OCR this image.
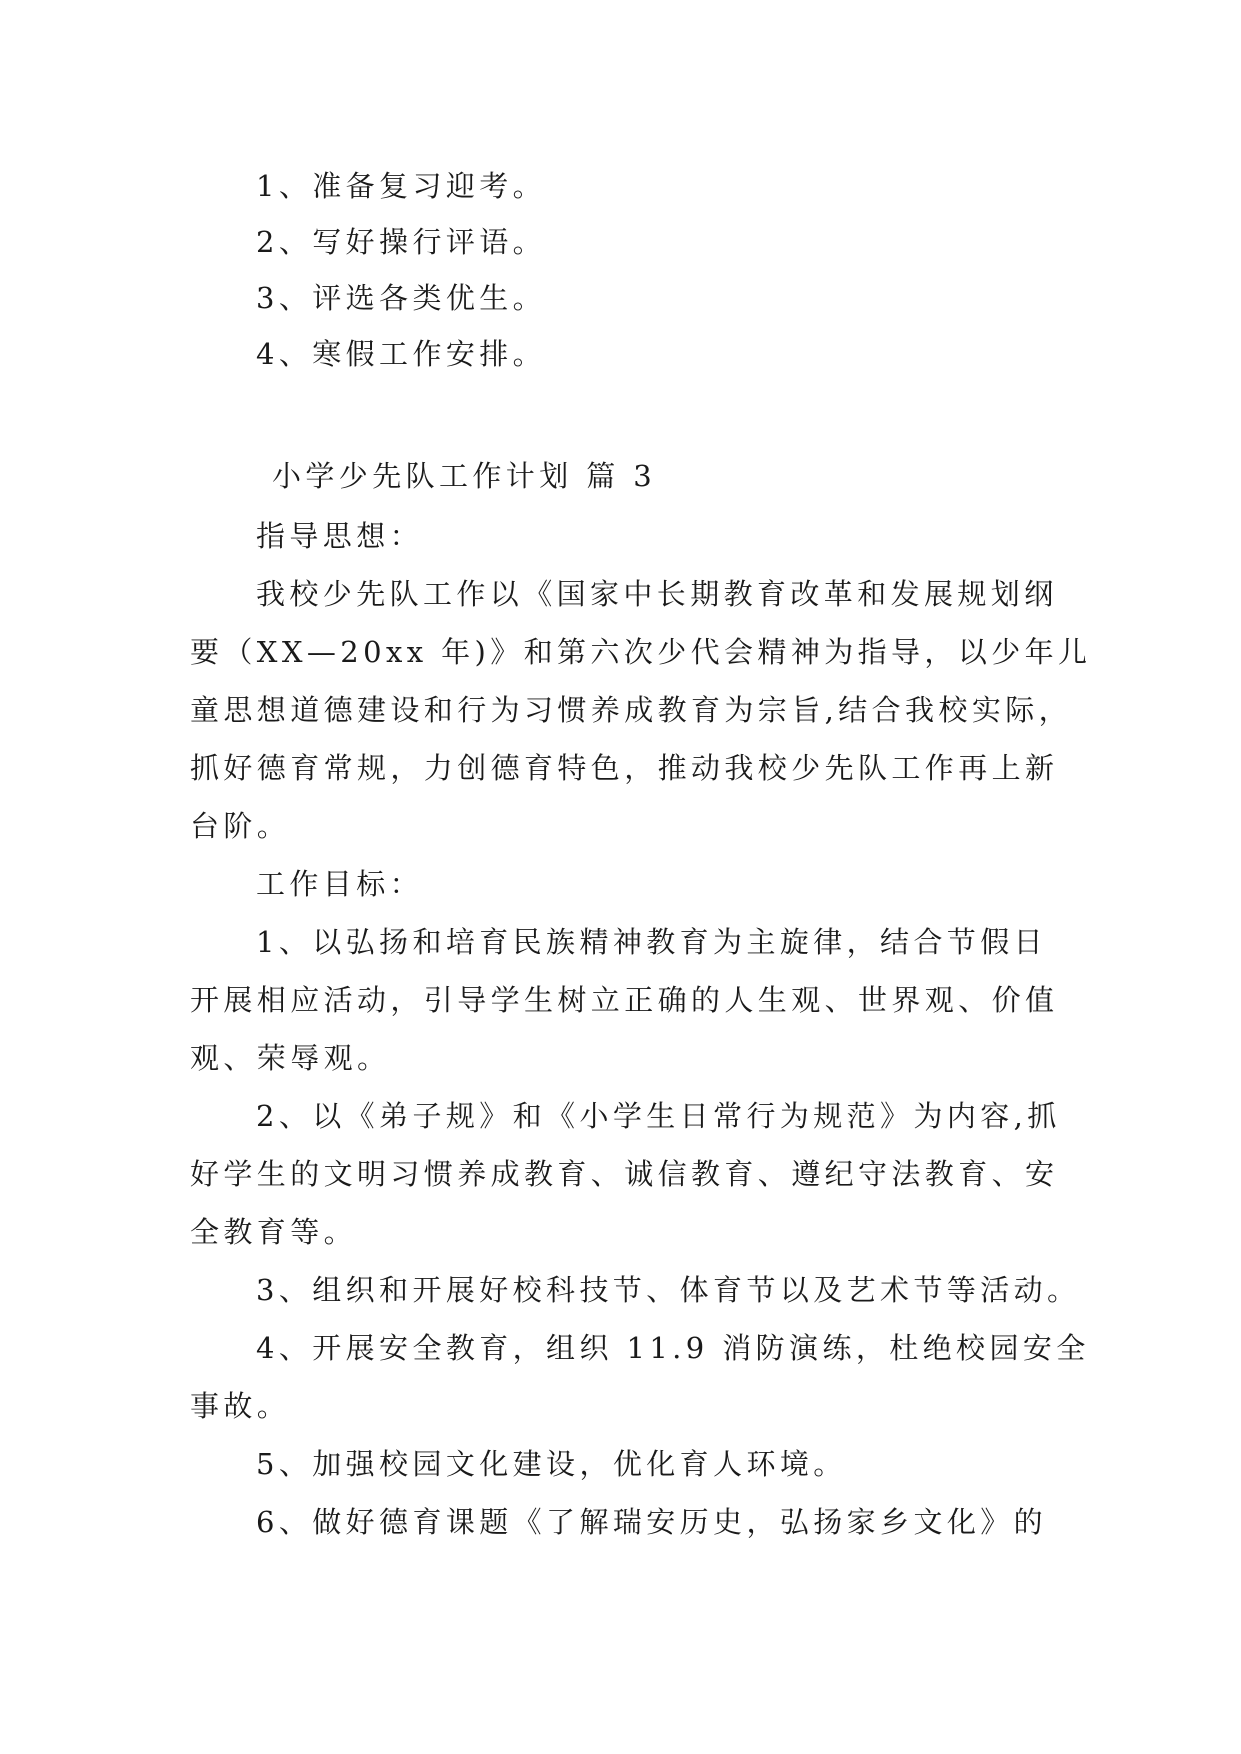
1、准备复习迎考。
2、写好操行评语。
3、评选各类优生。
4、寒假工作安排。
小学少先队工作计划 篇 3
指导思想：
我校少先队工作以《国家中长期教育改革和发展规划纲
要（XX—20xx 年)》和第六次少代会精神为指导，以少年儿
童思想道德建设和行为习惯养成教育为宗旨,结合我校实际，
抓好德育常规，力创德育特色，推动我校少先队工作再上新
台阶。
工作目标：
1、以弘扬和培育民族精神教育为主旋律，结合节假日
开展相应活动，引导学生树立正确的人生观、世界观、价值
观、荣辱观。
2、以《弟子规》和《小学生日常行为规范》为内容,抓
好学生的文明习惯养成教育、诚信教育、遵纪守法教育、安
全教育等。
3、组织和开展好校科技节、体育节以及艺术节等活动。
4、开展安全教育，组织 11.9 消防演练，杜绝校园安全
事故。
5、加强校园文化建设，优化育人环境。
6、做好德育课题《了解瑞安历史，弘扬家乡文化》的
